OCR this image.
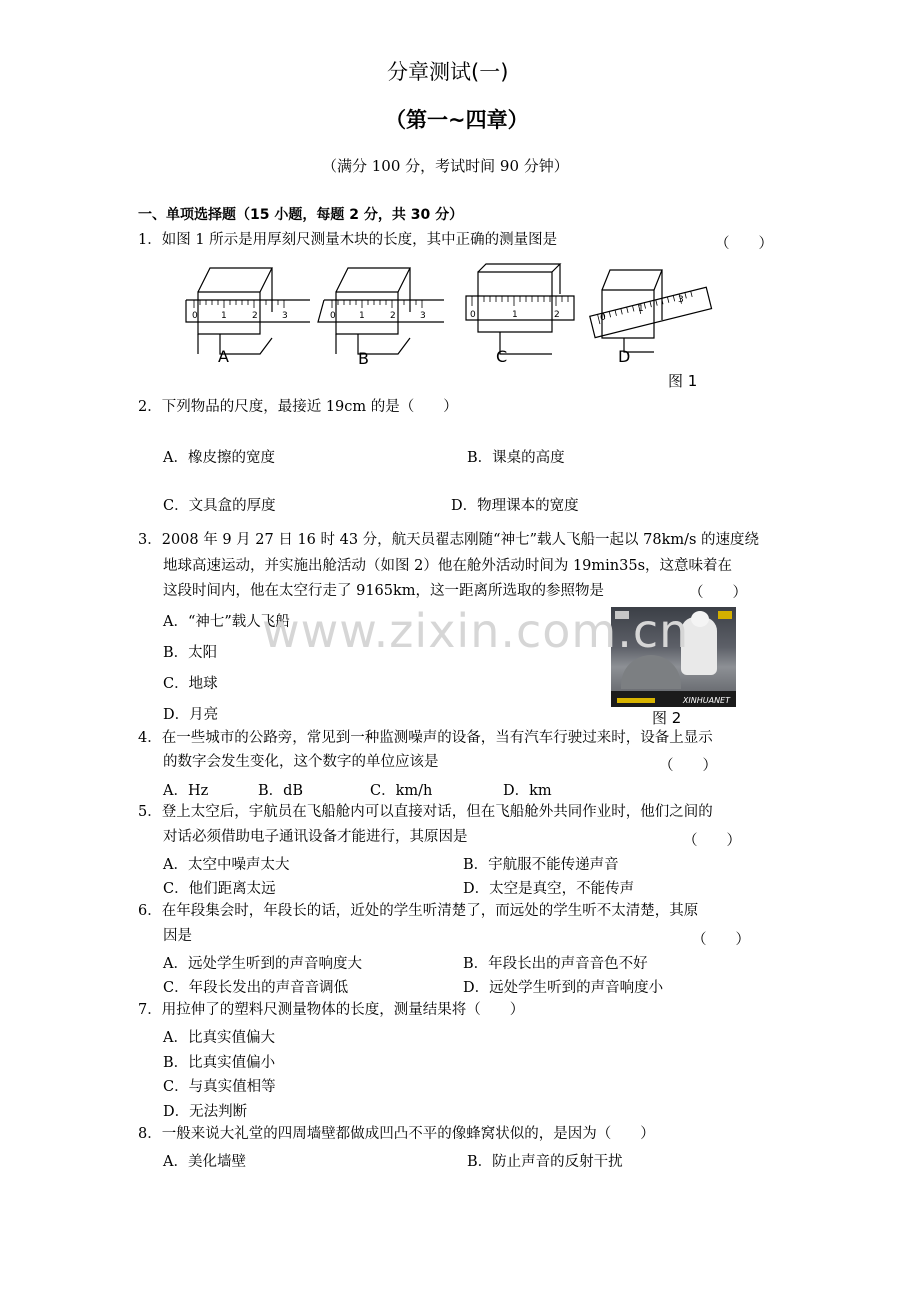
分章测试(一)
（第一~四章）
（满分 100 分，考试时间 90 分钟）
一、单项选择题（15 小题，每题 2 分，共 30 分）
1．如图 1 所示是用厚刻尺测量木块的长度，其中正确的测量图是	（　　）
0	1	2	3	0	1	2	3	0	1	2	0
1
3
A	B	C	D
图 1
2．下列物品的尺度，最接近 19cm 的是（　　）
A．橡皮擦的宽度	B．课桌的高度
C．文具盒的厚度	D．物理课本的宽度
3．2008 年 9 月 27 日 16 时 43 分，航天员翟志刚随“神七”载人飞船一起以 78km/s 的速度绕
地球高速运动，并实施出舱活动（如图 2）他在舱外活动时间为 19min35s，这意味着在
这段时间内，他在太空行走了 9165km，这一距离所选取的参照物是	（　　）
A．“神七”载人飞船
B．太阳
C．地球
D．月亮
XINHUANET
图 2
www.zixin.com.cn
4．在一些城市的公路旁，常见到一种监测噪声的设备，当有汽车行驶过来时，设备上显示
的数字会发生变化，这个数字的单位应该是	（　　）
A．Hz	B．dB	C．km/h	D．km
5．登上太空后，宇航员在飞船舱内可以直接对话，但在飞船舱外共同作业时，他们之间的
对话必须借助电子通讯设备才能进行，其原因是	（　　）
A．太空中噪声太大	B．宇航服不能传递声音
C．他们距离太远	D．太空是真空，不能传声
6．在年段集会时，年段长的话，近处的学生听清楚了，而远处的学生听不太清楚，其原
因是	（　　）
A．远处学生听到的声音响度大	B．年段长出的声音音色不好
C．年段长发出的声音音调低	D．远处学生听到的声音响度小
7．用拉伸了的塑料尺测量物体的长度，测量结果将（　　）
A．比真实值偏大
B．比真实值偏小
C．与真实值相等
D．无法判断
8．一般来说大礼堂的四周墙壁都做成凹凸不平的像蜂窝状似的，是因为（　　）
A．美化墙壁	B．防止声音的反射干扰
